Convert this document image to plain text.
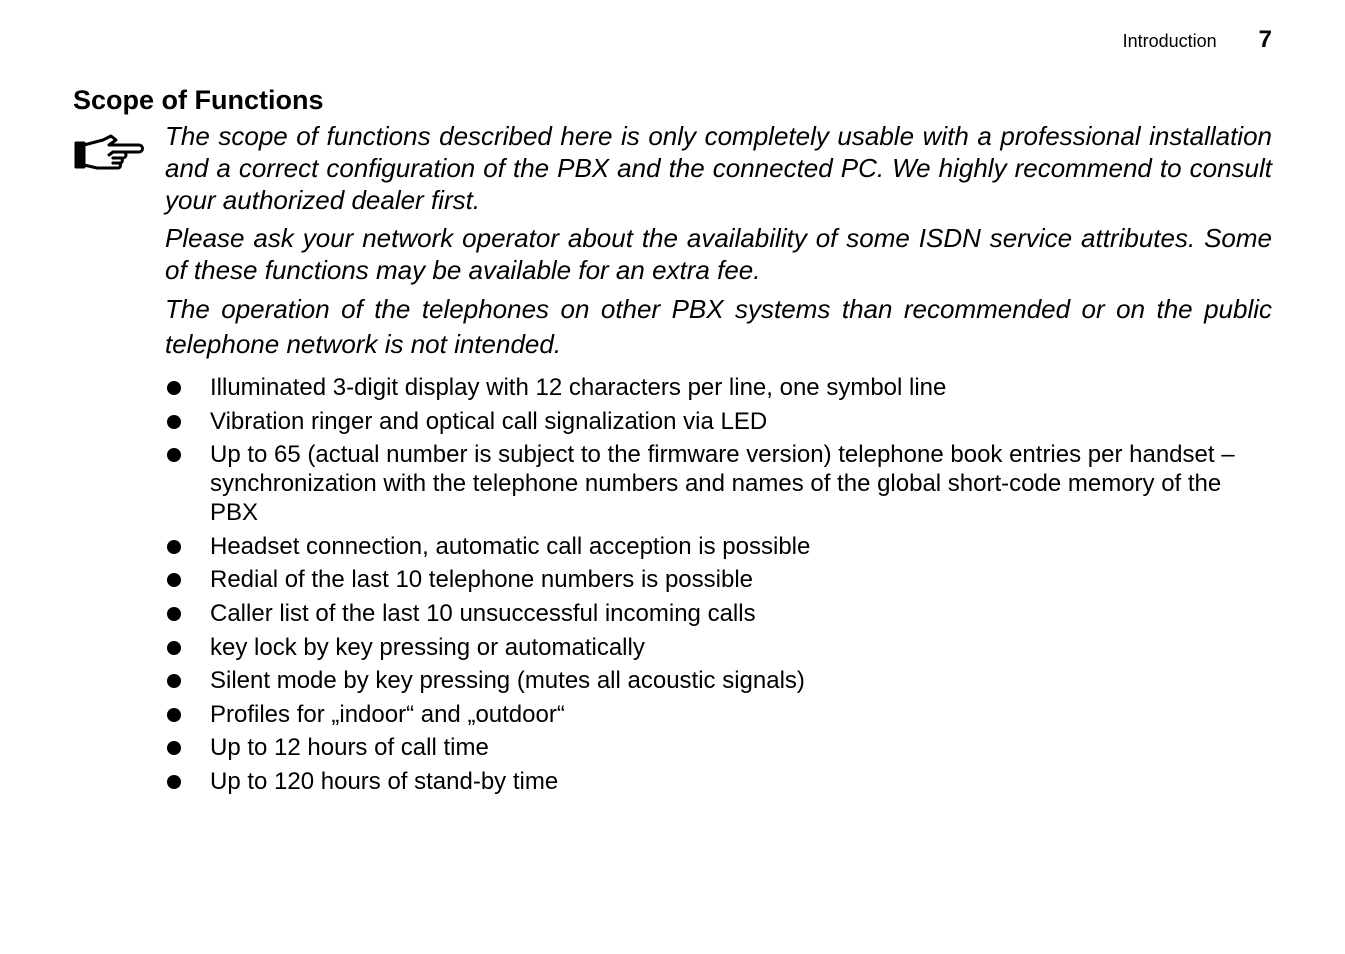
Introduction 7
Scope of Functions

The scope of functions described here is only completely usable with a professional installation and a correct configuration of the PBX and the connected PC. We highly recommend to consult your authorized dealer first.

Please ask your network operator about the availability of some ISDN service attributes. Some of these functions may be available for an extra fee.

The operation of the telephones on other PBX systems than recommended or on the public telephone network is not intended.

Illuminated 3-digit display with 12 characters per line, one symbol line
Vibration ringer and optical call signalization via LED
Up to 65 (actual number is subject to the firmware version) telephone book entries per handset – synchronization with the telephone numbers and names of the global short-code memory of the PBX
Headset connection, automatic call acception is possible
Redial of the last 10 telephone numbers is possible
Caller list of the last 10 unsuccessful incoming calls
key lock by key pressing or automatically
Silent mode by key pressing (mutes all acoustic signals)
Profiles for „indoor“ and „outdoor“
Up to 12 hours of call time
Up to 120 hours of stand-by time
